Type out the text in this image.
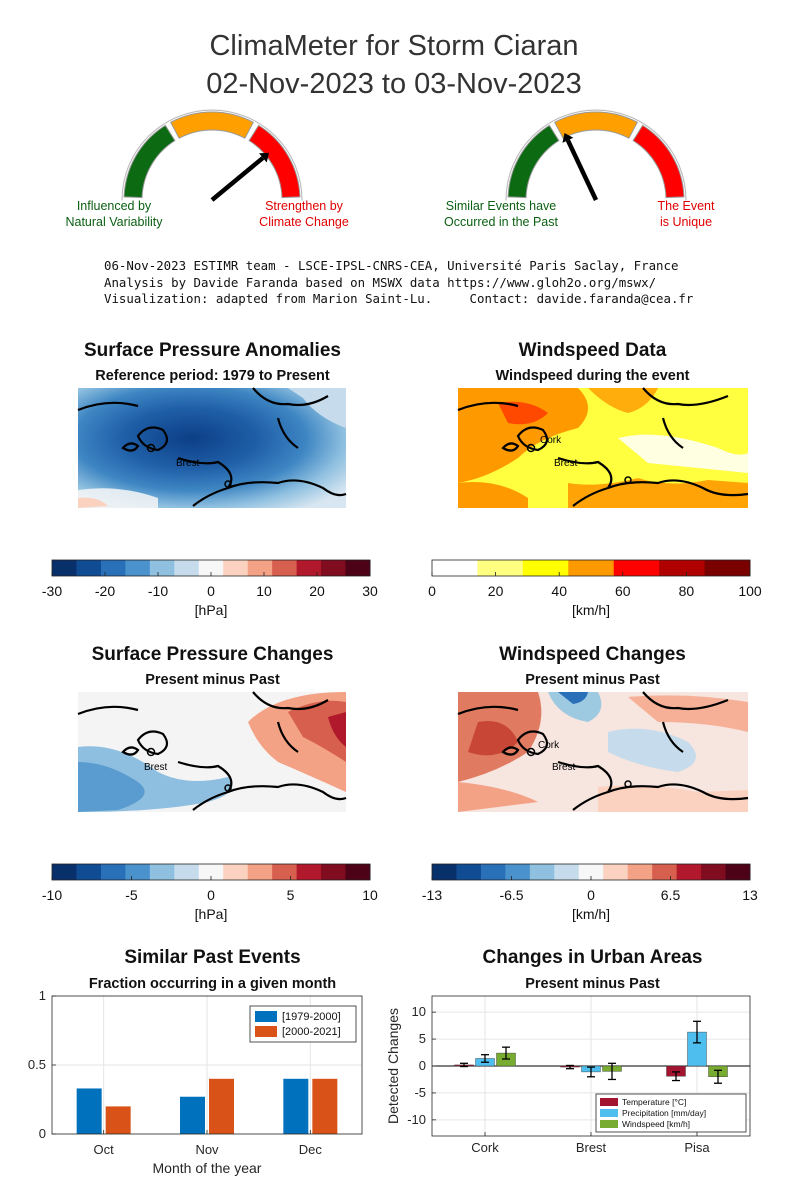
ClimaMeter for Storm Ciaran
02-Nov-2023 to 03-Nov-2023
Influenced by
Natural Variability
Strengthen by
Climate Change
Similar Events have
Occurred in the Past
The Event
is Unique
06-Nov-2023 ESTIMR team - LSCE-IPSL-CNRS-CEA, Université Paris Saclay, France
Analysis by Davide Faranda based on MSWX data https://www.gloh2o.org/mswx/
Visualization: adapted from Marion Saint-Lu.     Contact: davide.faranda@cea.fr
Surface Pressure Anomalies
Reference period: 1979 to Present
Windspeed Data
Windspeed during the event
Surface Pressure Changes
Present minus Past
Windspeed Changes
Present minus Past
Brest
Cork
Brest
Brest
Cork
Brest
-30 -20 -10	0	10	20	30
[hPa]
0	20	40	60	80	100
[km/h]
-10	-5	0	5	10
[hPa]
-13	-6.5	0	6.5	13
[km/h]
Similar Past Events
Fraction occurring in a given month
Changes in Urban Areas
Present minus Past
0
0.5
1
Oct	Nov	Dec
Month of the year
[1979-2000]
[2000-2021]
-10
-5
0
5
10
Cork	Brest	Pisa
Detected Changes	Temperature [°C]
Precipitation [mm/day]
Windspeed [km/h]
